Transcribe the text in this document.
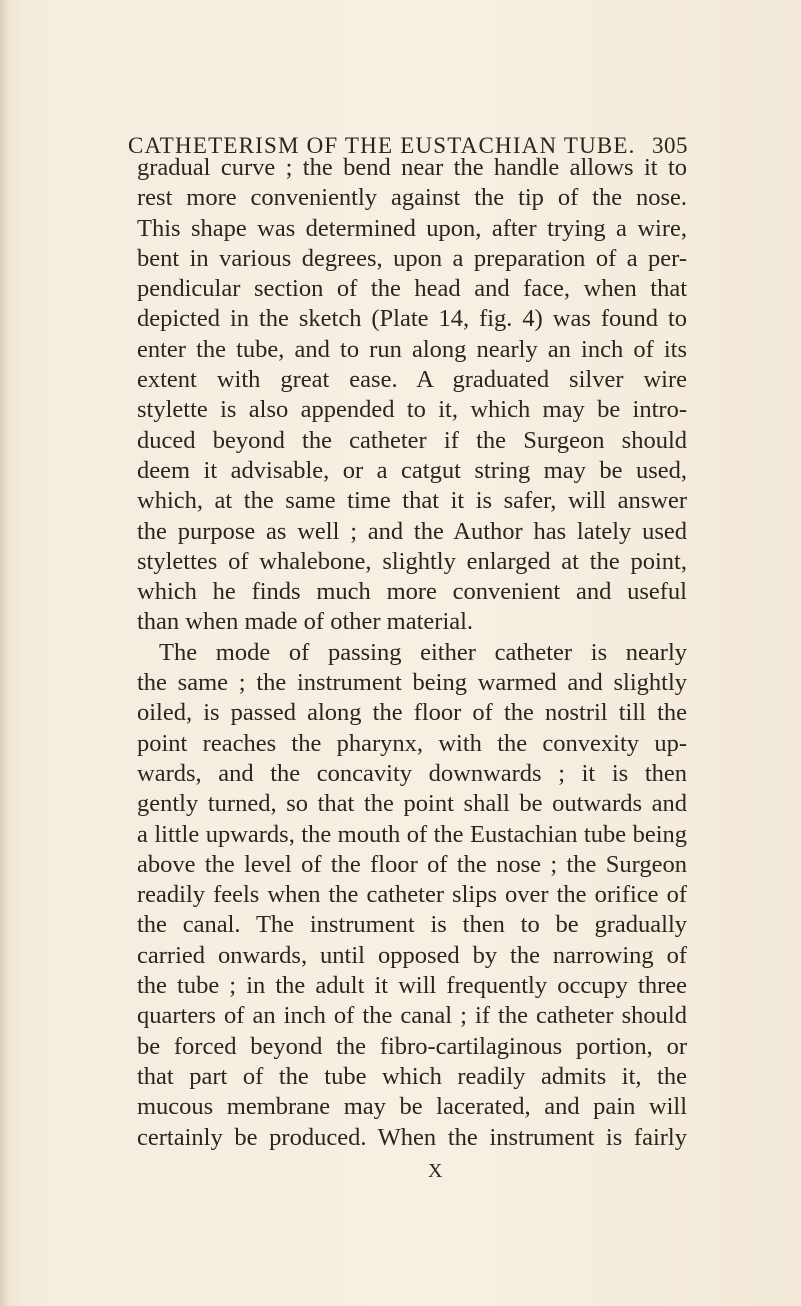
CATHETERISM OF THE EUSTACHIAN TUBE. 305
gradual curve ; the bend near the handle allows it to
rest more conveniently against the tip of the nose.
This shape was determined upon, after trying a wire,
bent in various degrees, upon a preparation of a per-
pendicular section of the head and face, when that
depicted in the sketch (Plate 14, fig. 4) was found to
enter the tube, and to run along nearly an inch of its
extent with great ease. A graduated silver wire
stylette is also appended to it, which may be intro-
duced beyond the catheter if the Surgeon should
deem it advisable, or a catgut string may be used,
which, at the same time that it is safer, will answer
the purpose as well ; and the Author has lately used
stylettes of whalebone, slightly enlarged at the point,
which he finds much more convenient and useful
than when made of other material.
The mode of passing either catheter is nearly
the same ; the instrument being warmed and slightly
oiled, is passed along the floor of the nostril till the
point reaches the pharynx, with the convexity up-
wards, and the concavity downwards ; it is then
gently turned, so that the point shall be outwards and
a little upwards, the mouth of the Eustachian tube being
above the level of the floor of the nose ; the Surgeon
readily feels when the catheter slips over the orifice of
the canal. The instrument is then to be gradually
carried onwards, until opposed by the narrowing of
the tube ; in the adult it will frequently occupy three
quarters of an inch of the canal ; if the catheter should
be forced beyond the fibro-cartilaginous portion, or
that part of the tube which readily admits it, the
mucous membrane may be lacerated, and pain will
certainly be produced. When the instrument is fairly
X
